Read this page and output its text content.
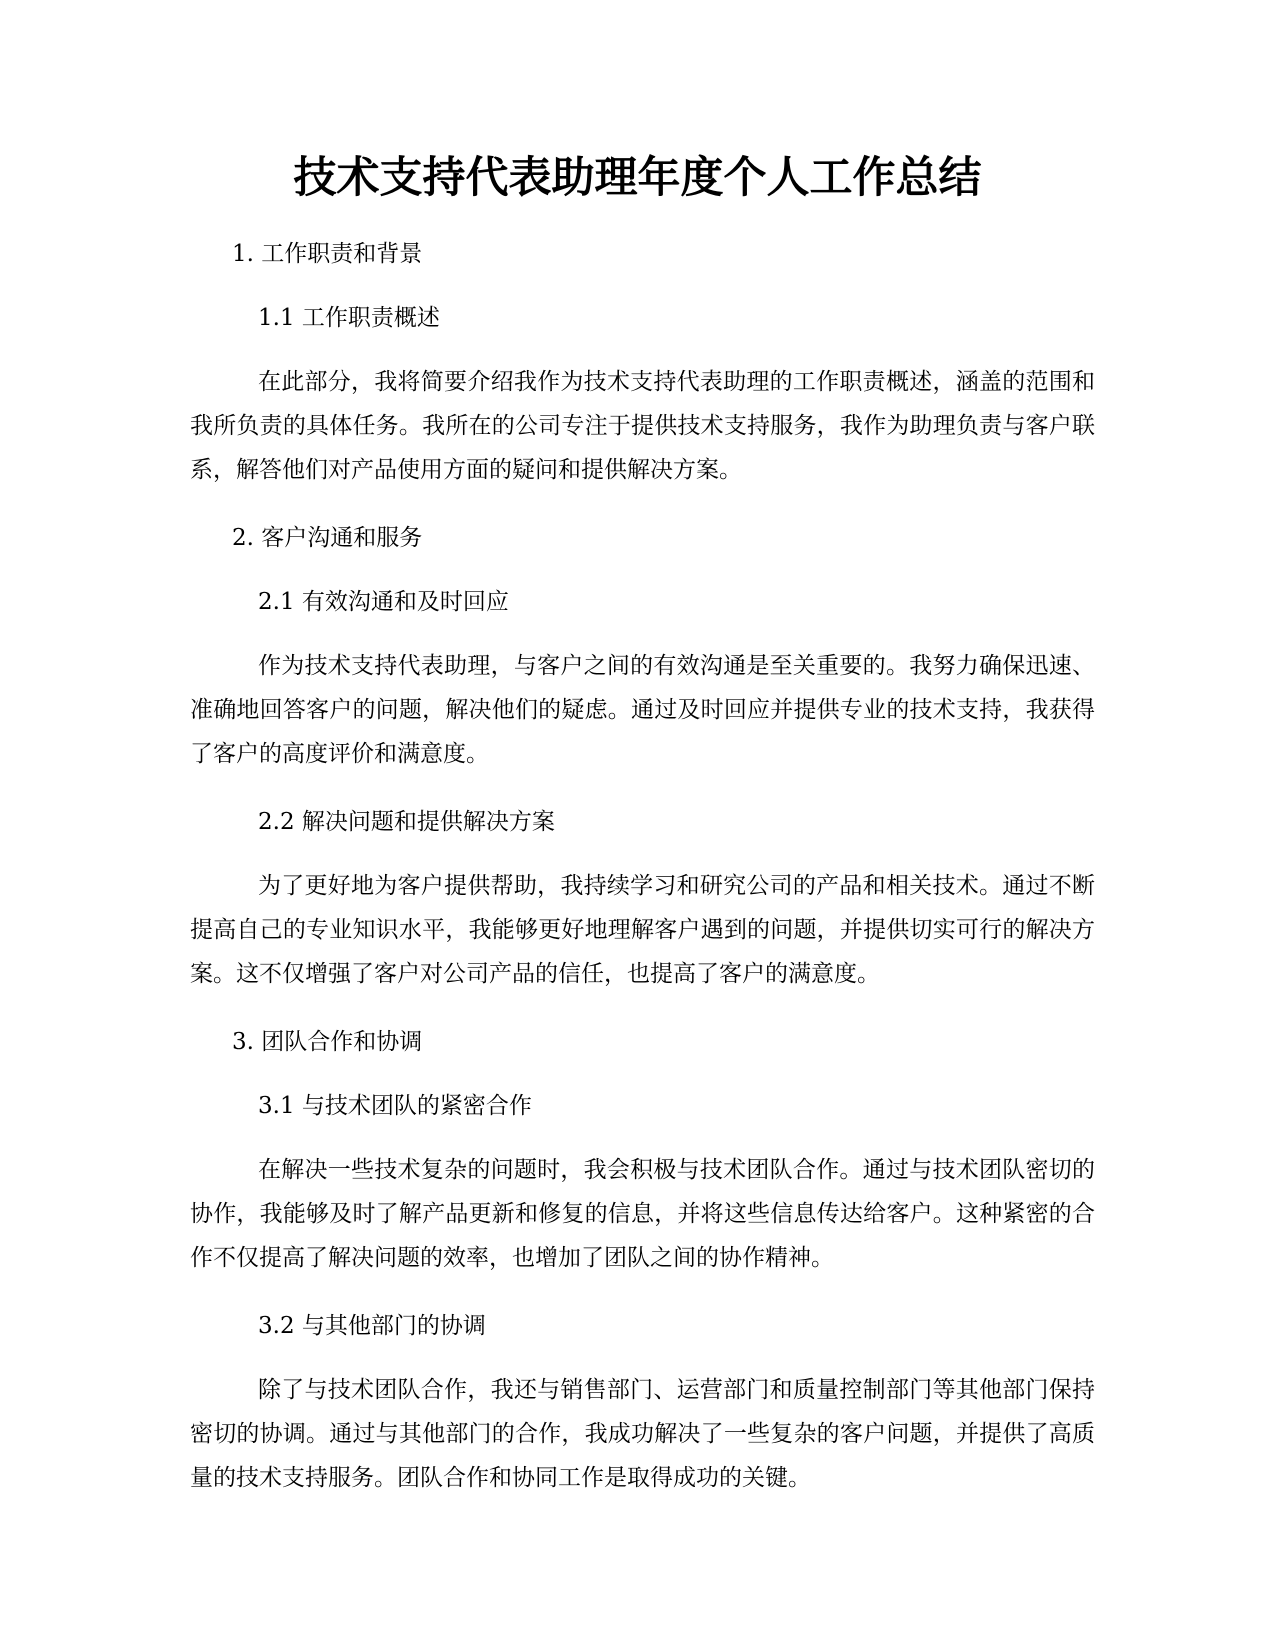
技术支持代表助理年度个人工作总结
1. 工作职责和背景
1.1 工作职责概述
在此部分，我将简要介绍我作为技术支持代表助理的工作职责概述，涵盖的范围和我所负责的具体任务。我所在的公司专注于提供技术支持服务，我作为助理负责与客户联系，解答他们对产品使用方面的疑问和提供解决方案。
2. 客户沟通和服务
2.1 有效沟通和及时回应
作为技术支持代表助理，与客户之间的有效沟通是至关重要的。我努力确保迅速、准确地回答客户的问题，解决他们的疑虑。通过及时回应并提供专业的技术支持，我获得了客户的高度评价和满意度。
2.2 解决问题和提供解决方案
为了更好地为客户提供帮助，我持续学习和研究公司的产品和相关技术。通过不断提高自己的专业知识水平，我能够更好地理解客户遇到的问题，并提供切实可行的解决方案。这不仅增强了客户对公司产品的信任，也提高了客户的满意度。
3. 团队合作和协调
3.1 与技术团队的紧密合作
在解决一些技术复杂的问题时，我会积极与技术团队合作。通过与技术团队密切的协作，我能够及时了解产品更新和修复的信息，并将这些信息传达给客户。这种紧密的合作不仅提高了解决问题的效率，也增加了团队之间的协作精神。
3.2 与其他部门的协调
除了与技术团队合作，我还与销售部门、运营部门和质量控制部门等其他部门保持密切的协调。通过与其他部门的合作，我成功解决了一些复杂的客户问题，并提供了高质量的技术支持服务。团队合作和协同工作是取得成功的关键。
